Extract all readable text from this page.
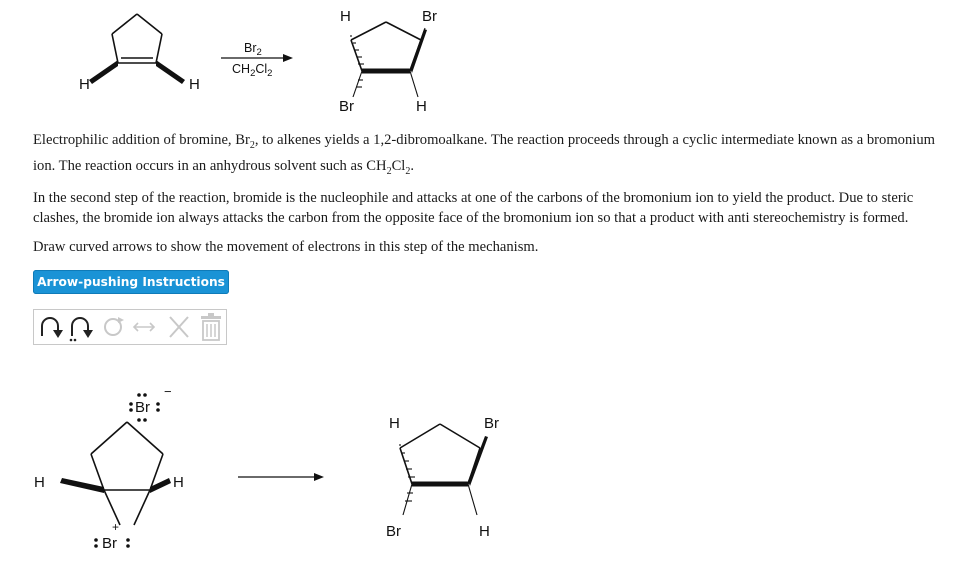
H	H
$Br_2$
$CH_2Cl_2$
H	Br
Br	H

Electrophilic addition of bromine, $Br_2$, to alkenes yields a 1,2-dibromoalkane. The reaction proceeds through a cyclic intermediate known as a bromonium ion. The reaction occurs in an anhydrous solvent such as $CH_2Cl_2$.

In the second step of the reaction, bromide is the nucleophile and attacks at one of the carbons of the bromonium ion to yield the product. Due to steric clashes, the bromide ion always attacks the carbon from the opposite face of the bromonium ion so that a product with anti stereochemistry is formed.

Draw curved arrows to show the movement of electrons in this step of the mechanism.

Arrow-pushing Instructions
Br
−
H	H
+
Br
H	Br
Br	H
